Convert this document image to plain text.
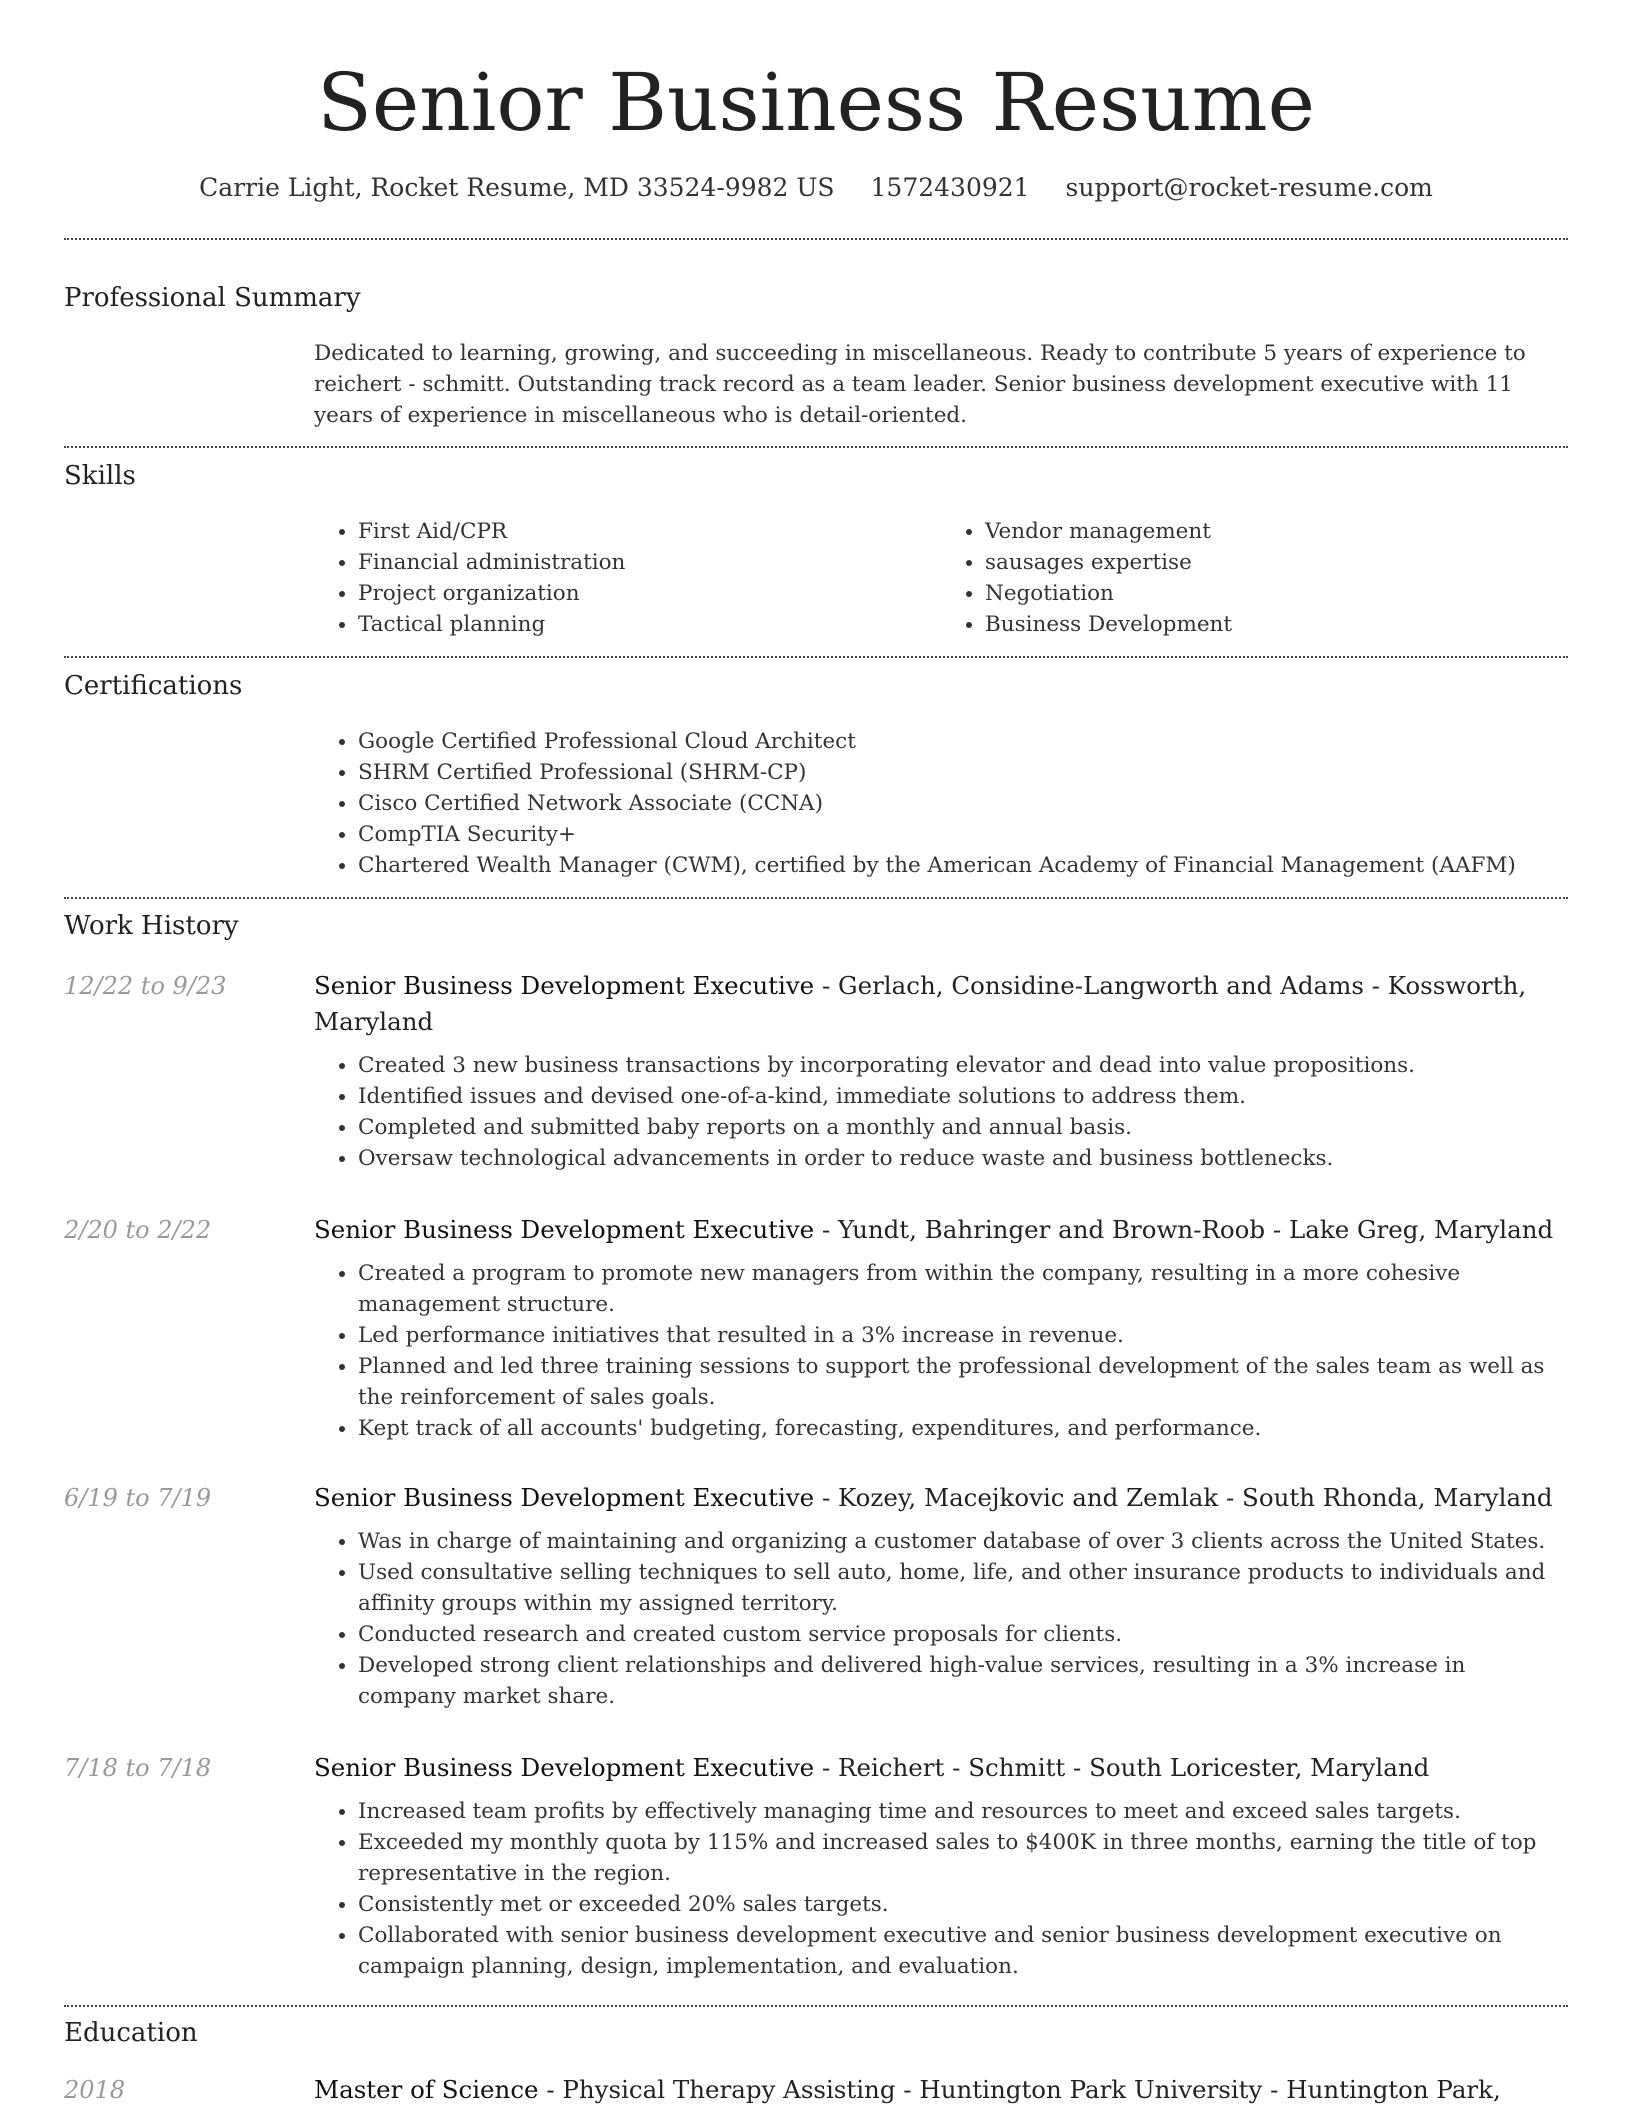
Senior Business Resume
Carrie Light, Rocket Resume, MD 33524-9982 US 1572430921 support@rocket-resume.com
Professional Summary

Dedicated to learning, growing, and succeeding in miscellaneous. Ready to contribute 5 years of experience to reichert - schmitt. Outstanding track record as a team leader. Senior business development executive with 11 years of experience in miscellaneous who is detail-oriented.

Skills
• First Aid/CPR
• Financial administration
• Project organization
• Tactical planning
• Vendor management
• sausages expertise
• Negotiation
• Business Development
Certifications
• Google Certified Professional Cloud Architect
• SHRM Certified Professional (SHRM-CP)
• Cisco Certified Network Associate (CCNA)
• CompTIA Security+
• Chartered Wealth Manager (CWM), certified by the American Academy of Financial Management (AAFM)
Work History
12/22 to 9/23	Senior Business Development Executive - Gerlach, Considine-Langworth and Adams - Kossworth, Maryland
• Created 3 new business transactions by incorporating elevator and dead into value propositions.
• Identified issues and devised one-of-a-kind, immediate solutions to address them.
• Completed and submitted baby reports on a monthly and annual basis.
• Oversaw technological advancements in order to reduce waste and business bottlenecks.
2/20 to 2/22	Senior Business Development Executive - Yundt, Bahringer and Brown-Roob - Lake Greg, Maryland
• Created a program to promote new managers from within the company, resulting in a more cohesive management structure.
• Led performance initiatives that resulted in a 3% increase in revenue.
• Planned and led three training sessions to support the professional development of the sales team as well as the reinforcement of sales goals.
• Kept track of all accounts' budgeting, forecasting, expenditures, and performance.
6/19 to 7/19	Senior Business Development Executive - Kozey, Macejkovic and Zemlak - South Rhonda, Maryland
• Was in charge of maintaining and organizing a customer database of over 3 clients across the United States.
• Used consultative selling techniques to sell auto, home, life, and other insurance products to individuals and affinity groups within my assigned territory.
• Conducted research and created custom service proposals for clients.
• Developed strong client relationships and delivered high-value services, resulting in a 3% increase in company market share.
7/18 to 7/18	Senior Business Development Executive - Reichert - Schmitt - South Loricester, Maryland
• Increased team profits by effectively managing time and resources to meet and exceed sales targets.
• Exceeded my monthly quota by 115% and increased sales to $400K in three months, earning the title of top representative in the region.
• Consistently met or exceeded 20% sales targets.
• Collaborated with senior business development executive and senior business development executive on campaign planning, design, implementation, and evaluation.
Education
2018	Master of Science - Physical Therapy Assisting - Huntington Park University - Huntington Park,
